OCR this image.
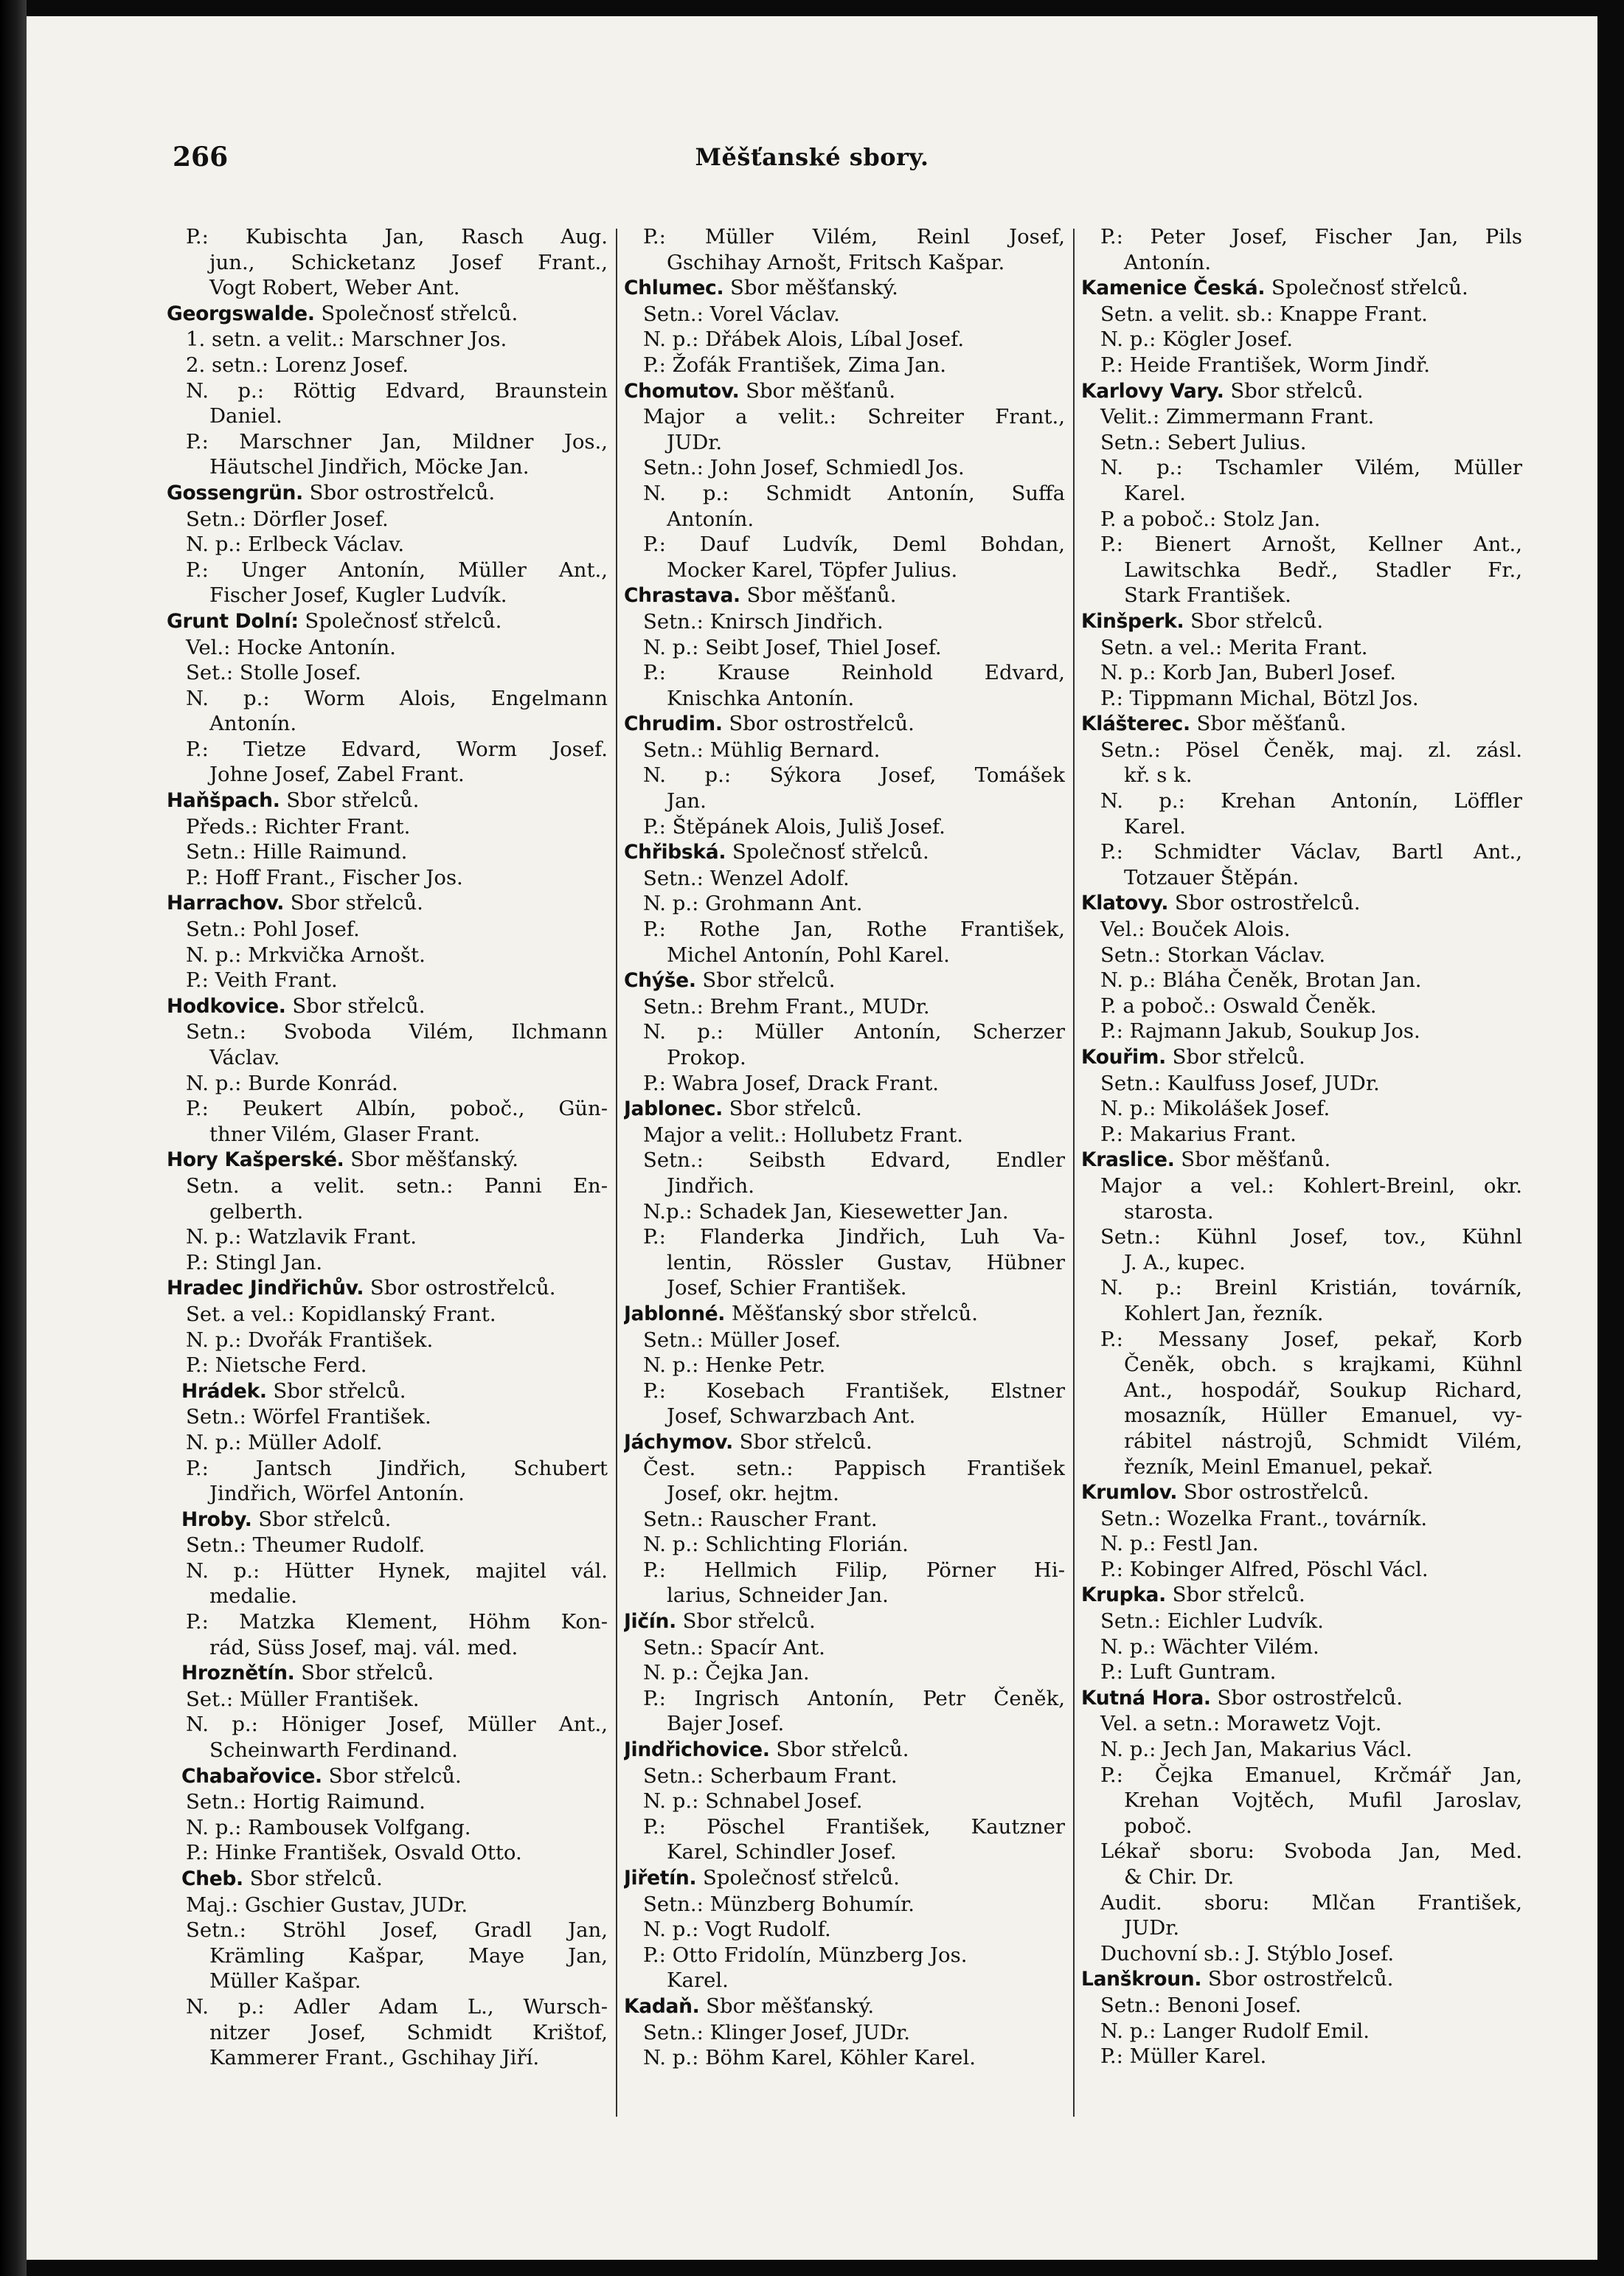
266	Měšťanské sbory.
P.: Kubischta Jan, Rasch Aug.
jun., Schicketanz Josef Frant.,
Vogt Robert, Weber Ant.
Georgswalde. Společnosť střelců.
1. setn. a velit.: Marschner Jos.
2. setn.: Lorenz Josef.
N. p.: Röttig Edvard, Braunstein
Daniel.
P.: Marschner Jan, Mildner Jos.,
Häutschel Jindřich, Möcke Jan.
Gossengrün. Sbor ostrostřelců.
Setn.: Dörfler Josef.
N. p.: Erlbeck Václav.
P.: Unger Antonín, Müller Ant.,
Fischer Josef, Kugler Ludvík.
Grunt Dolní: Společnosť střelců.
Vel.: Hocke Antonín.
Set.: Stolle Josef.
N. p.: Worm Alois, Engelmann
Antonín.
P.: Tietze Edvard, Worm Josef.
Johne Josef, Zabel Frant.
Haňšpach. Sbor střelců.
Předs.: Richter Frant.
Setn.: Hille Raimund.
P.: Hoff Frant., Fischer Jos.
Harrachov. Sbor střelců.
Setn.: Pohl Josef.
N. p.: Mrkvička Arnošt.
P.: Veith Frant.
Hodkovice. Sbor střelců.
Setn.: Svoboda Vilém, Ilchmann
Václav.
N. p.: Burde Konrád.
P.: Peukert Albín, poboč., Gün-
thner Vilém, Glaser Frant.
Hory Kašperské. Sbor měšťanský.
Setn. a velit. setn.: Panni En-
gelberth.
N. p.: Watzlavik Frant.
P.: Stingl Jan.
Hradec Jindřichův. Sbor ostrostřelců.
Set. a vel.: Kopidlanský Frant.
N. p.: Dvořák František.
P.: Nietsche Ferd.
Hrádek. Sbor střelců.
Setn.: Wörfel František.
N. p.: Müller Adolf.
P.: Jantsch Jindřich, Schubert
Jindřich, Wörfel Antonín.
Hroby. Sbor střelců.
Setn.: Theumer Rudolf.
N. p.: Hütter Hynek, majitel vál.
medalie.
P.: Matzka Klement, Höhm Kon-
rád, Süss Josef, maj. vál. med.
Hroznětín. Sbor střelců.
Set.: Müller František.
N. p.: Höniger Josef, Müller Ant.,
Scheinwarth Ferdinand.
Chabařovice. Sbor střelců.
Setn.: Hortig Raimund.
N. p.: Rambousek Volfgang.
P.: Hinke František, Osvald Otto.
Cheb. Sbor střelců.
Maj.: Gschier Gustav, JUDr.
Setn.: Ströhl Josef, Gradl Jan,
Krämling Kašpar, Maye Jan,
Müller Kašpar.
N. p.: Adler Adam L., Wursch-
nitzer Josef, Schmidt Krištof,
Kammerer Frant., Gschihay Jiří.
P.: Müller Vilém, Reinl Josef,
Gschihay Arnošt, Fritsch Kašpar.
Chlumec. Sbor měšťanský.
Setn.: Vorel Václav.
N. p.: Dřábek Alois, Líbal Josef.
P.: Žofák František, Zima Jan.
Chomutov. Sbor měšťanů.
Major a velit.: Schreiter Frant.,
JUDr.
Setn.: John Josef, Schmiedl Jos.
N. p.: Schmidt Antonín, Suffa
Antonín.
P.: Dauf Ludvík, Deml Bohdan,
Mocker Karel, Töpfer Julius.
Chrastava. Sbor měšťanů.
Setn.: Knirsch Jindřich.
N. p.: Seibt Josef, Thiel Josef.
P.: Krause Reinhold Edvard,
Knischka Antonín.
Chrudim. Sbor ostrostřelců.
Setn.: Mühlig Bernard.
N. p.: Sýkora Josef, Tomášek
Jan.
P.: Štěpánek Alois, Juliš Josef.
Chřibská. Společnosť střelců.
Setn.: Wenzel Adolf.
N. p.: Grohmann Ant.
P.: Rothe Jan, Rothe František,
Michel Antonín, Pohl Karel.
Chýše. Sbor střelců.
Setn.: Brehm Frant., MUDr.
N. p.: Müller Antonín, Scherzer
Prokop.
P.: Wabra Josef, Drack Frant.
Jablonec. Sbor střelců.
Major a velit.: Hollubetz Frant.
Setn.: Seibsth Edvard, Endler
Jindřich.
N.p.: Schadek Jan, Kiesewetter Jan.
P.: Flanderka Jindřich, Luh Va-
lentin, Rössler Gustav, Hübner
Josef, Schier František.
Jablonné. Měšťanský sbor střelců.
Setn.: Müller Josef.
N. p.: Henke Petr.
P.: Kosebach František, Elstner
Josef, Schwarzbach Ant.
Jáchymov. Sbor střelců.
Čest. setn.: Pappisch František
Josef, okr. hejtm.
Setn.: Rauscher Frant.
N. p.: Schlichting Florián.
P.: Hellmich Filip, Pörner Hi-
larius, Schneider Jan.
Jičín. Sbor střelců.
Setn.: Spacír Ant.
N. p.: Čejka Jan.
P.: Ingrisch Antonín, Petr Čeněk,
Bajer Josef.
Jindřichovice. Sbor střelců.
Setn.: Scherbaum Frant.
N. p.: Schnabel Josef.
P.: Pöschel František, Kautzner
Karel, Schindler Josef.
Jiřetín. Společnosť střelců.
Setn.: Münzberg Bohumír.
N. p.: Vogt Rudolf.
P.: Otto Fridolín, Münzberg Jos.
Karel.
Kadaň. Sbor měšťanský.
Setn.: Klinger Josef, JUDr.
N. p.: Böhm Karel, Köhler Karel.
P.: Peter Josef, Fischer Jan, Pils
Antonín.
Kamenice Česká. Společnosť střelců.
Setn. a velit. sb.: Knappe Frant.
N. p.: Kögler Josef.
P.: Heide František, Worm Jindř.
Karlovy Vary. Sbor střelců.
Velit.: Zimmermann Frant.
Setn.: Sebert Julius.
N. p.: Tschamler Vilém, Müller
Karel.
P. a poboč.: Stolz Jan.
P.: Bienert Arnošt, Kellner Ant.,
Lawitschka Bedř., Stadler Fr.,
Stark František.
Kinšperk. Sbor střelců.
Setn. a vel.: Merita Frant.
N. p.: Korb Jan, Buberl Josef.
P.: Tippmann Michal, Bötzl Jos.
Klášterec. Sbor měšťanů.
Setn.: Pösel Čeněk, maj. zl. zásl.
kř. s k.
N. p.: Krehan Antonín, Löffler
Karel.
P.: Schmidter Václav, Bartl Ant.,
Totzauer Štěpán.
Klatovy. Sbor ostrostřelců.
Vel.: Bouček Alois.
Setn.: Storkan Václav.
N. p.: Bláha Čeněk, Brotan Jan.
P. a poboč.: Oswald Čeněk.
P.: Rajmann Jakub, Soukup Jos.
Kouřim. Sbor střelců.
Setn.: Kaulfuss Josef, JUDr.
N. p.: Mikolášek Josef.
P.: Makarius Frant.
Kraslice. Sbor měšťanů.
Major a vel.: Kohlert-Breinl, okr.
starosta.
Setn.: Kühnl Josef, tov., Kühnl
J. A., kupec.
N. p.: Breinl Kristián, továrník,
Kohlert Jan, řezník.
P.: Messany Josef, pekař, Korb
Čeněk, obch. s krajkami, Kühnl
Ant., hospodář, Soukup Richard,
mosazník, Hüller Emanuel, vy-
rábitel nástrojů, Schmidt Vilém,
řezník, Meinl Emanuel, pekař.
Krumlov. Sbor ostrostřelců.
Setn.: Wozelka Frant., továrník.
N. p.: Festl Jan.
P.: Kobinger Alfred, Pöschl Václ.
Krupka. Sbor střelců.
Setn.: Eichler Ludvík.
N. p.: Wächter Vilém.
P.: Luft Guntram.
Kutná Hora. Sbor ostrostřelců.
Vel. a setn.: Morawetz Vojt.
N. p.: Jech Jan, Makarius Václ.
P.: Čejka Emanuel, Krčmář Jan,
Krehan Vojtěch, Mufil Jaroslav,
poboč.
Lékař sboru: Svoboda Jan, Med.
& Chir. Dr.
Audit. sboru: Mlčan František,
JUDr.
Duchovní sb.: J. Stýblo Josef.
Lanškroun. Sbor ostrostřelců.
Setn.: Benoni Josef.
N. p.: Langer Rudolf Emil.
P.: Müller Karel.
